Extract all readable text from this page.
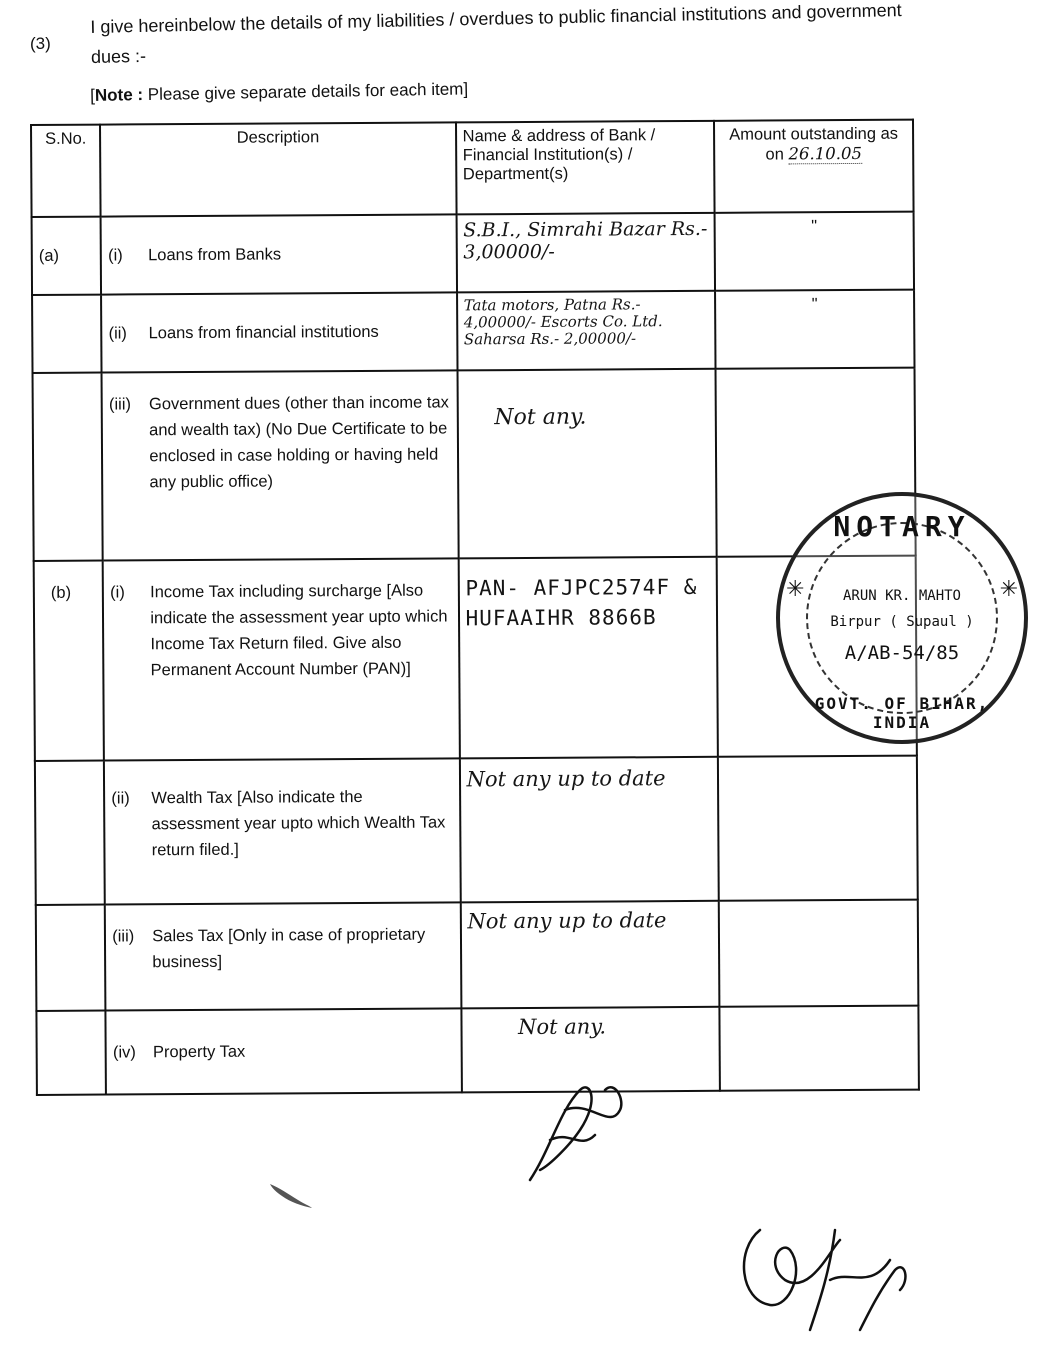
(3)
I give hereinbelow the details of my liabilities / overdues to public financial institutions and government dues :-
[Note : Please give separate details for each item]
S.No.	Description	Name & address of Bank / Financial Institution(s) / Department(s)	Amount outstanding as on 26.10.05
(a)	(i) Loans from Banks	S.B.I., Simrahi Bazar Rs.- 3,00000/-	"

	(ii) Loans from financial institutions	Tata motors, Patna Rs.- 4,00000/- Escorts Co. Ltd. Saharsa Rs.- 2,00000/-	"

	(iii) Government dues (other than income tax and wealth tax) (No Due Certificate to be enclosed in case holding or having held any public office)	Not any.	
(b)	(i) Income Tax including surcharge [Also indicate the assessment year upto which Income Tax Return filed. Give also Permanent Account Number (PAN)]	PAN- AFJPC2574F & HUFAAIHR 8866B	

	(ii) Wealth Tax [Also indicate the assessment year upto which Wealth Tax return filed.]	Not any up to date	

	(iii) Sales Tax [Only in case of proprietary business]	Not any up to date	

	(iv) Property Tax	Not any.	
NOTARY
✳	✳
ARUN KR. MAHTO
Birpur ( Supaul )
A/AB-54/85
GOVT. OF BIHAR, INDIA
